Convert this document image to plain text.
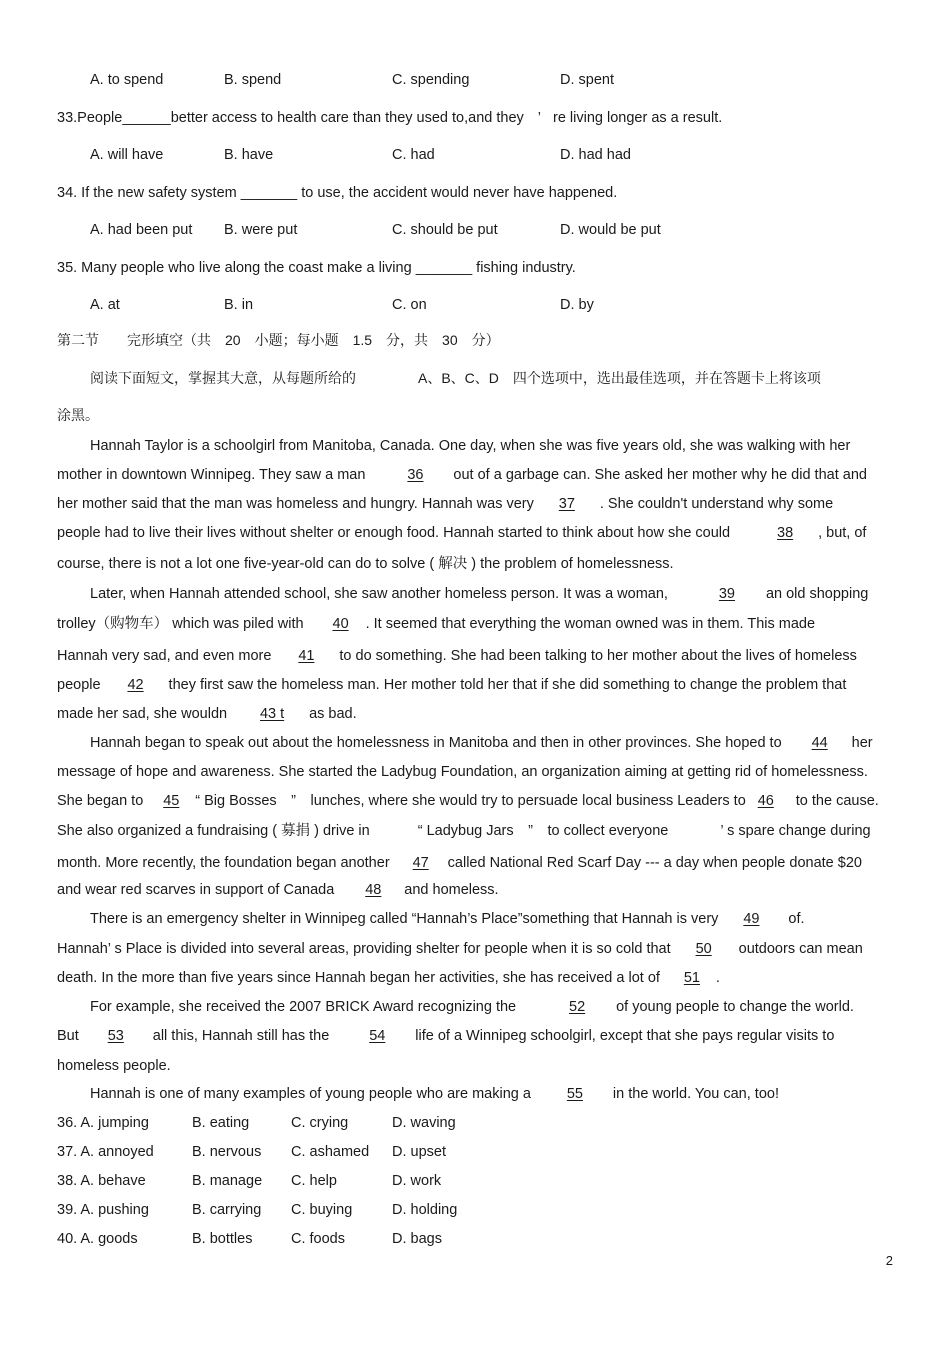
A. to spend	B. spend	C. spending	D. spent
33.People______better access to health care than they used to,and they ’ re living longer as a result.
A. will have	B. have	C. had	D. had had
34. If the new safety system _______ to use, the accident would never have happened.
A. had been put B. were put	C. should be put	D. would be put
35. Many people who live along the coast make a living _______ fishing industry.
A. at	B. in	C. on	D. by
第二节　　完形填空（共　20　小题；每小题　1.5　分，共　30　分）
阅读下面短文，掌握其大意，从每题所给的	A、B、C、D　四个选项中，选出最佳选项，并在答题卡上将该项
涂黑。
Hannah Taylor is a schoolgirl from Manitoba, Canada. One day, when she was five years old, she was walking with her
mother in downtown Winnipeg. They saw a man	36 out of a garbage can. She asked her mother why he did that and
her mother said that the man was homeless and hungry. Hannah was very 37 . She couldn't understand why some
people had to live their lives without shelter or enough food. Hannah started to think about how she could	38 , but, of
course, there is not a lot one five-year-old can do to solve ( 解决 ) the problem of homelessness.
Later, when Hannah attended school, she saw another homeless person. It was a woman,	39 an old shopping
trolley（购物车） which was piled with 40 . It seemed that everything the woman owned was in them. This made
Hannah very sad, and even more 41 to do something. She had been talking to her mother about the lives of homeless
people 42 they first saw the homeless man. Her mother told her that if she did something to change the problem that
made her sad, she wouldn 43 t as bad.
Hannah began to speak out about the homelessness in Manitoba and then in other provinces. She hoped to 44 her
message of hope and awareness. She started the Ladybug Foundation, an organization aiming at getting rid of homelessness.
She began to 45 “ Big Bosses　”　lunches, where she would try to persuade local business Leaders to 46 to the cause.
She also organized a fundraising ( 募捐 ) drive in	“ Ladybug Jars　”　to collect everyone	’ s spare change during
month. More recently, the foundation began another 47 called National Red Scarf Day --- a day when people donate $20
and wear red scarves in support of Canada 48 and homeless.
There is an emergency shelter in Winnipeg called “Hannah’s Place”something that Hannah is very 49 of.
Hannah’ s Place is divided into several areas, providing shelter for people when it is so cold that 50 outdoors can mean
death. In the more than five years since Hannah began her activities, she has received a lot of 51 .
For example, she received the 2007 BRICK Award recognizing the	52 of young people to change the world.
But 53 all this, Hannah still has the	54 life of a Winnipeg schoolgirl, except that she pays regular visits to
homeless people.
Hannah is one of many examples of young people who are making a 55 in the world. You can, too!
36. A. jumping	B. eating	C. crying	D. waving
37. A. annoyed	B. nervous C. ashamed D. upset
38. A. behave	B. manage C. help	D. work
39. A. pushing	B. carrying C. buying	D. holding
40. A. goods	B. bottles	C. foods	D. bags
2
